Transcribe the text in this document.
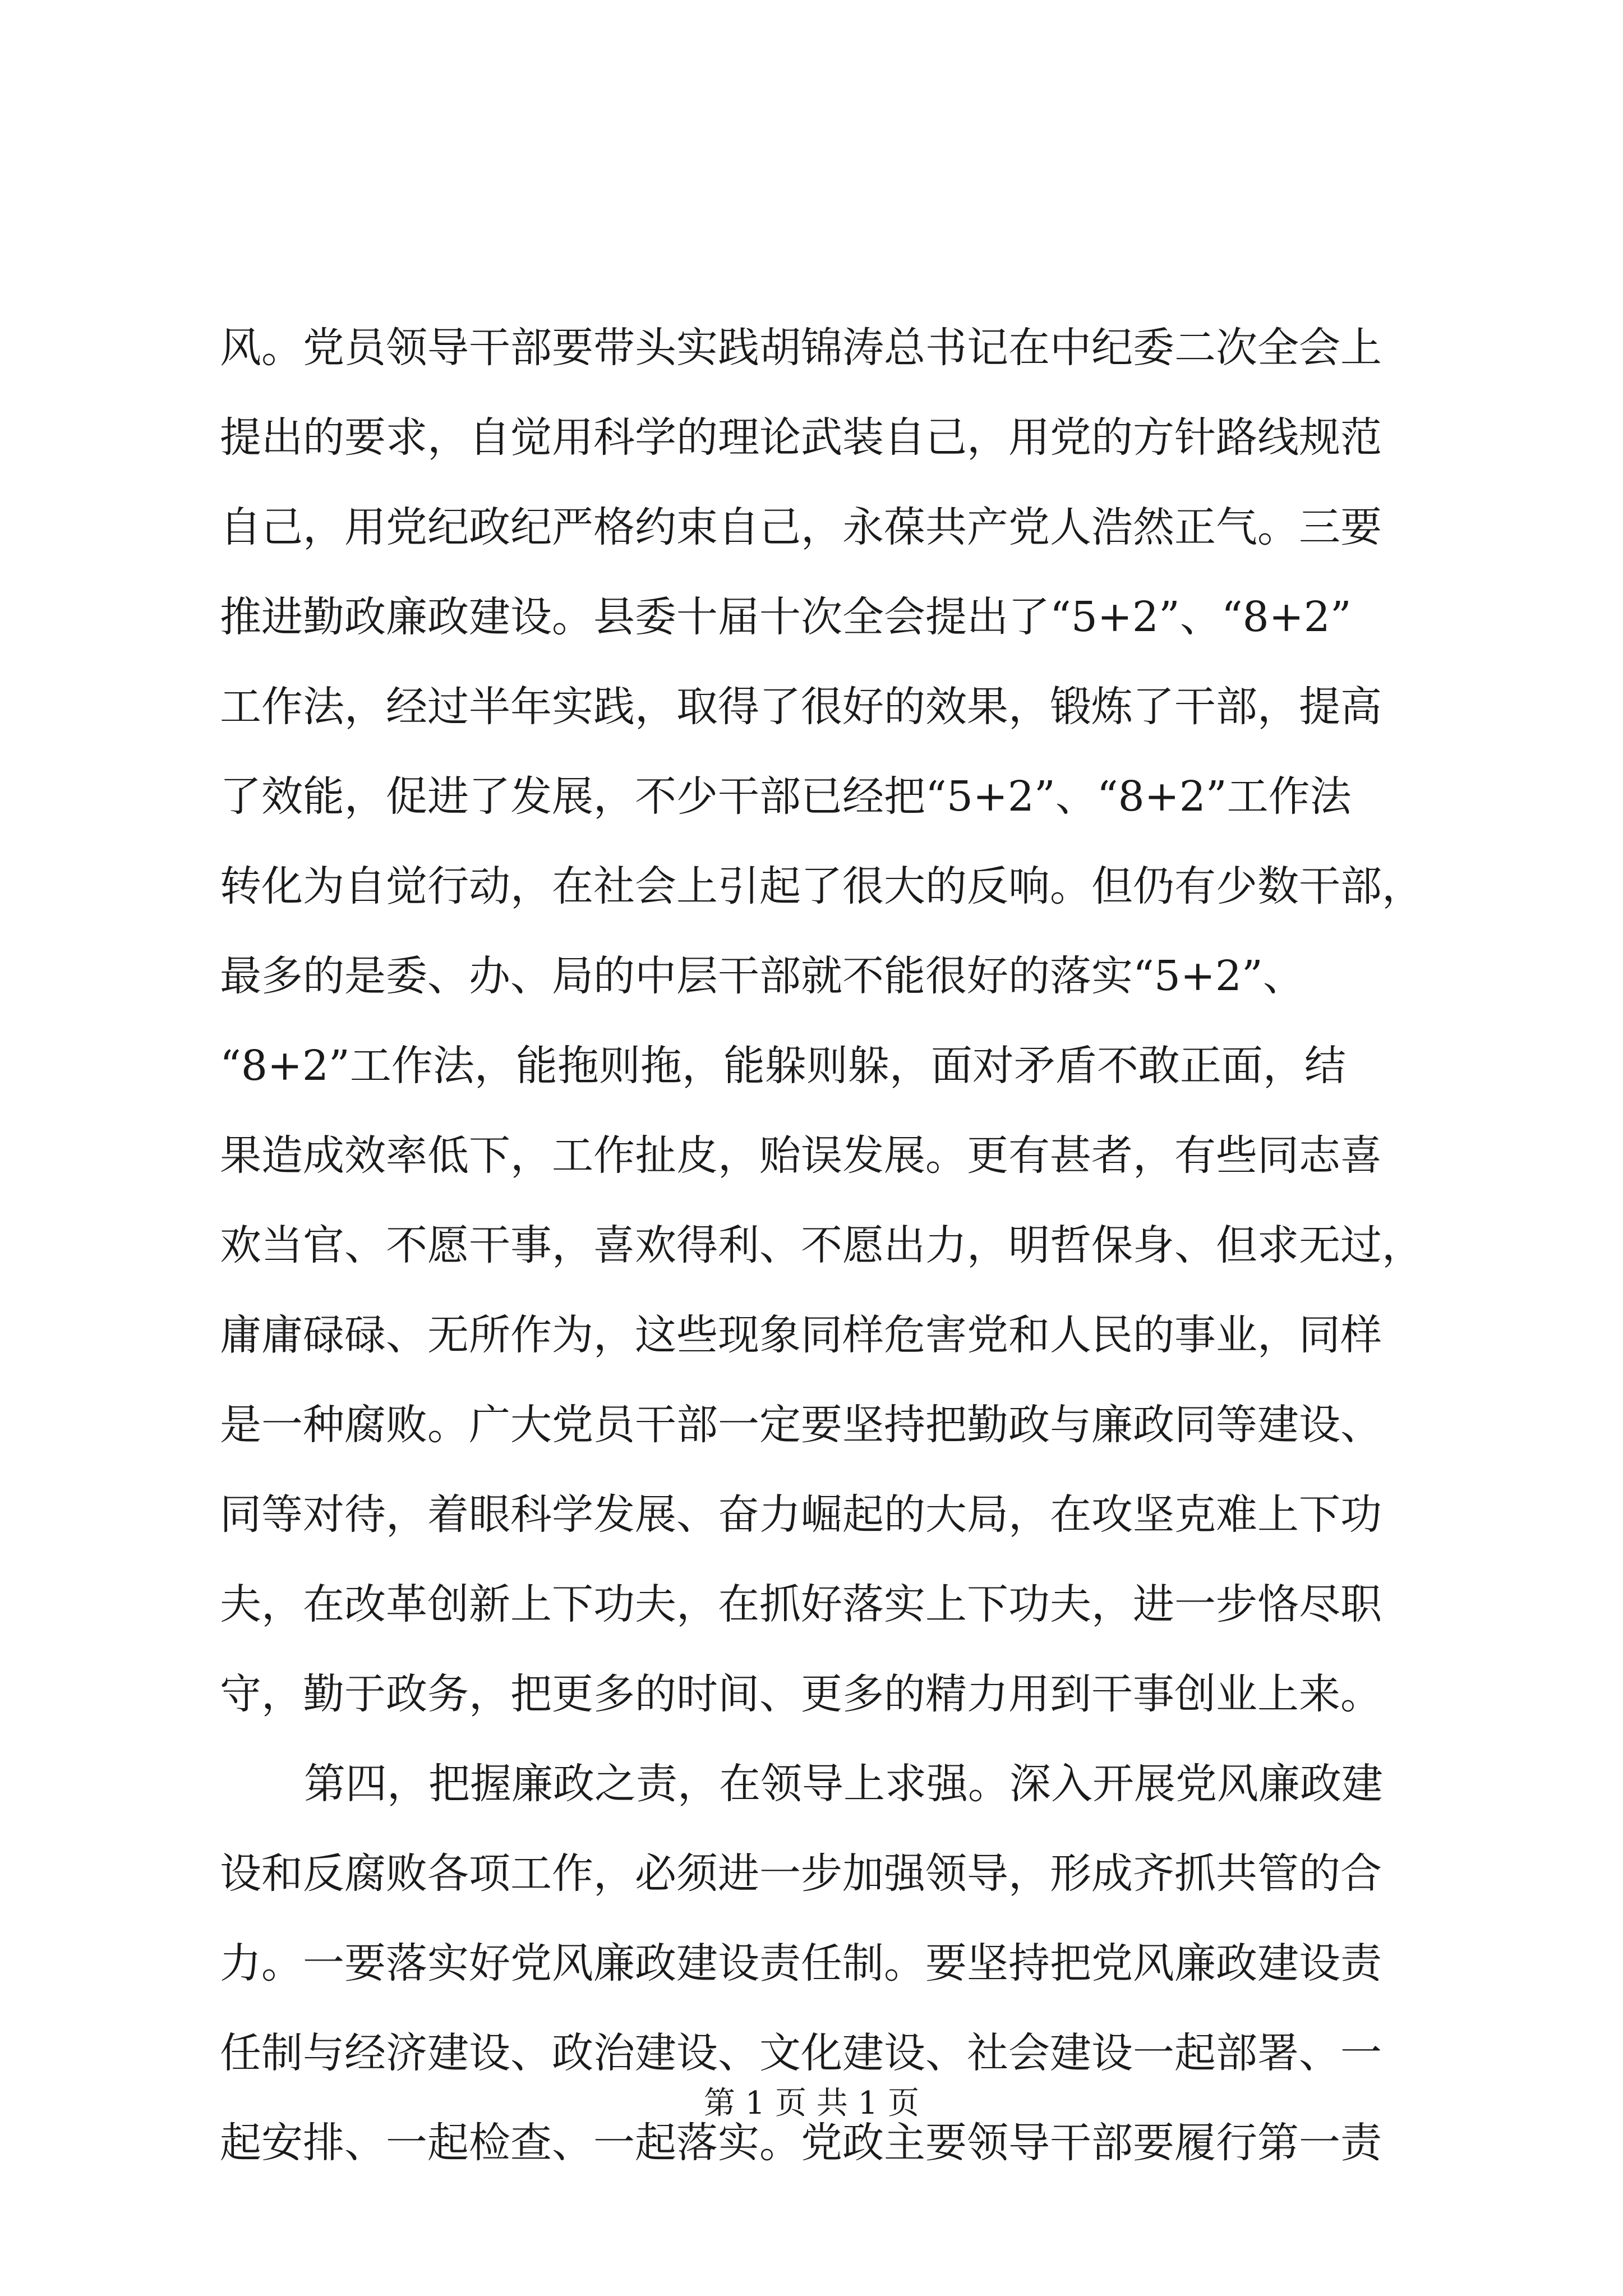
风。党员领导干部要带头实践胡锦涛总书记在中纪委二次全会上
提出的要求，自觉用科学的理论武装自己，用党的方针路线规范
自己，用党纪政纪严格约束自己，永葆共产党人浩然正气。三要
推进勤政廉政建设。县委十届十次全会提出了“5+2”、“8+2”
工作法，经过半年实践，取得了很好的效果，锻炼了干部，提高
了效能，促进了发展，不少干部已经把“5+2”、“8+2”工作法
转化为自觉行动，在社会上引起了很大的反响。但仍有少数干部，
最多的是委、办、局的中层干部就不能很好的落实“5+2”、
“8+2”工作法，能拖则拖，能躲则躲，面对矛盾不敢正面，结
果造成效率低下，工作扯皮，贻误发展。更有甚者，有些同志喜
欢当官、不愿干事，喜欢得利、不愿出力，明哲保身、但求无过，
庸庸碌碌、无所作为，这些现象同样危害党和人民的事业，同样
是一种腐败。广大党员干部一定要坚持把勤政与廉政同等建设、
同等对待，着眼科学发展、奋力崛起的大局，在攻坚克难上下功
夫，在改革创新上下功夫，在抓好落实上下功夫，进一步恪尽职
守，勤于政务，把更多的时间、更多的精力用到干事创业上来。
第四，把握廉政之责，在领导上求强。深入开展党风廉政建
设和反腐败各项工作，必须进一步加强领导，形成齐抓共管的合
力。一要落实好党风廉政建设责任制。要坚持把党风廉政建设责
任制与经济建设、政治建设、文化建设、社会建设一起部署、一
起安排、一起检查、一起落实。党政主要领导干部要履行第一责
第 1 页 共 1 页
